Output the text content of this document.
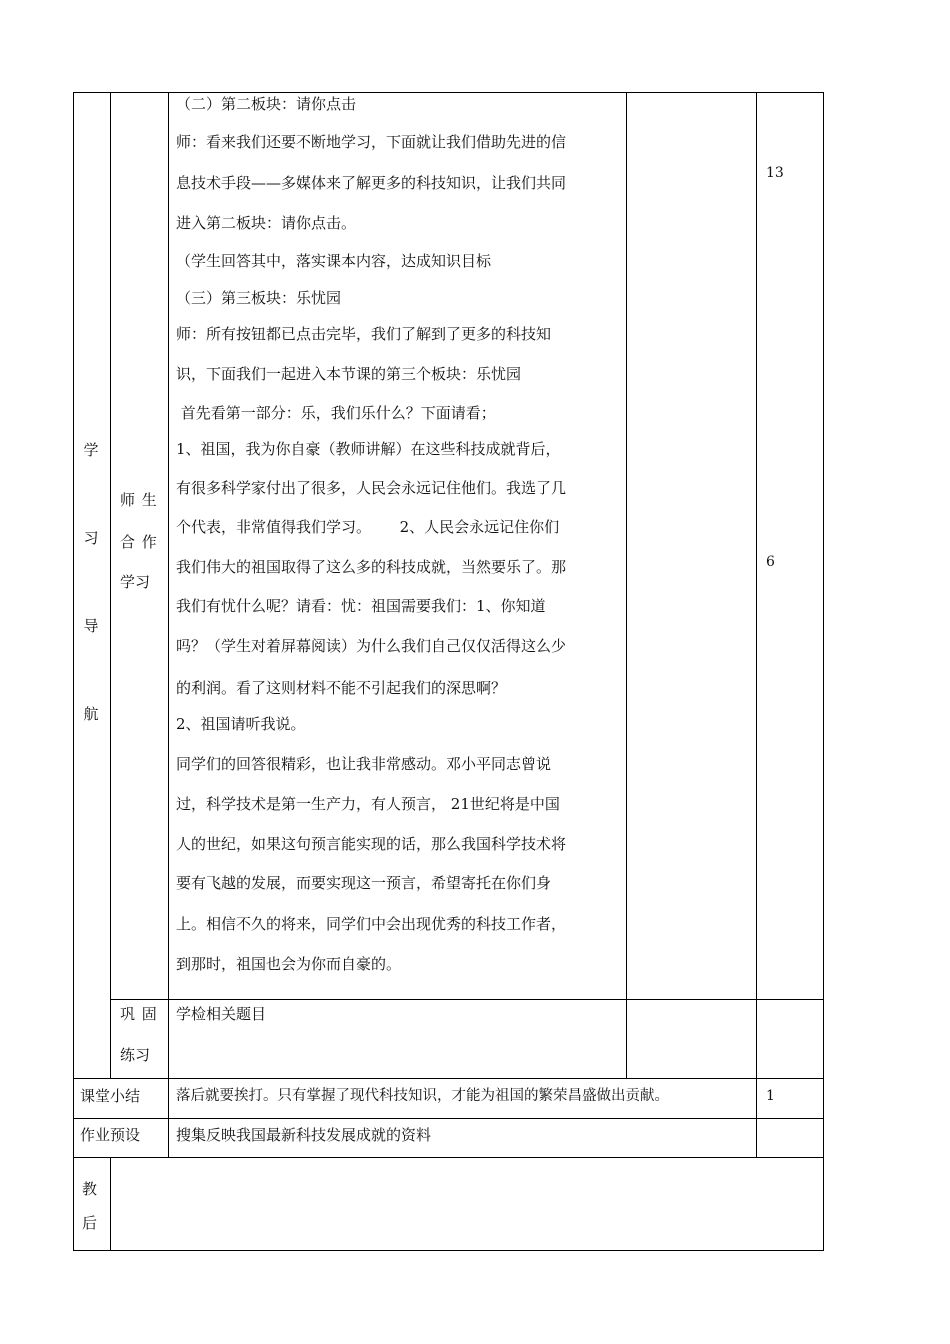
学
习
导
航
师 生
合 作
学习
（二）第二板块：请你点击
师：看来我们还要不断地学习，下面就让我们借助先进的信
息技术手段——多媒体来了解更多的科技知识，让我们共同
进入第二板块：请你点击。
（学生回答其中，落实课本内容，达成知识目标
（三）第三板块：乐忧园
师：所有按钮都已点击完毕，我们了解到了更多的科技知
识，下面我们一起进入本节课的第三个板块：乐忧园
首先看第一部分：乐，我们乐什么？下面请看；
1、祖国，我为你自豪（教师讲解）在这些科技成就背后，
有很多科学家付出了很多，人民会永远记住他们。我选了几
个代表，非常值得我们学习。      2、人民会永远记住你们
我们伟大的祖国取得了这么多的科技成就，当然要乐了。那
我们有忧什么呢？请看：忧：祖国需要我们：1、你知道
吗？（学生对着屏幕阅读）为什么我们自己仅仅活得这么少
的利润。看了这则材料不能不引起我们的深思啊？
2、祖国请听我说。
同学们的回答很精彩，也让我非常感动。邓小平同志曾说
过，科学技术是第一生产力，有人预言， 21世纪将是中国
人的世纪，如果这句预言能实现的话，那么我国科学技术将
要有飞越的发展，而要实现这一预言，希望寄托在你们身
上。相信不久的将来，同学们中会出现优秀的科技工作者，
到那时，祖国也会为你而自豪的。
13
6
巩 固
练习
学检相关题目
课堂小结 落后就要挨打。只有掌握了现代科技知识，才能为祖国的繁荣昌盛做出贡献。	1
作业预设 搜集反映我国最新科技发展成就的资料
教
后
